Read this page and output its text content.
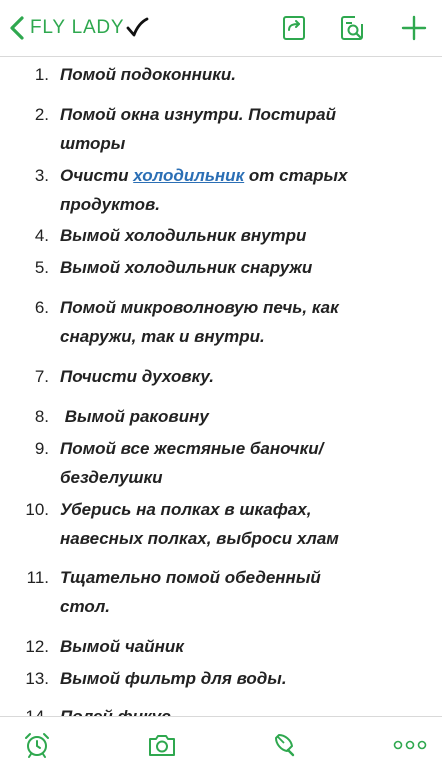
FLY LADY
1. Помой подоконники.
2. Помой окна изнутри. Постирай шторы
3. Очисти холодильник от старых продуктов.
4. Вымой холодильник внутри
5. Вымой холодильник снаружи
6. Помой микроволновую печь, как снаружи, так и внутри.
7. Почисти духовку.
8. Вымой раковину
9. Помой все жестяные баночки/ безделушки
10. Уберись на полках в шкафах, навесных полках, выброси хлам
11. Тщательно помой обеденный стол.
12. Вымой чайник
13. Вымой фильтр для воды.
